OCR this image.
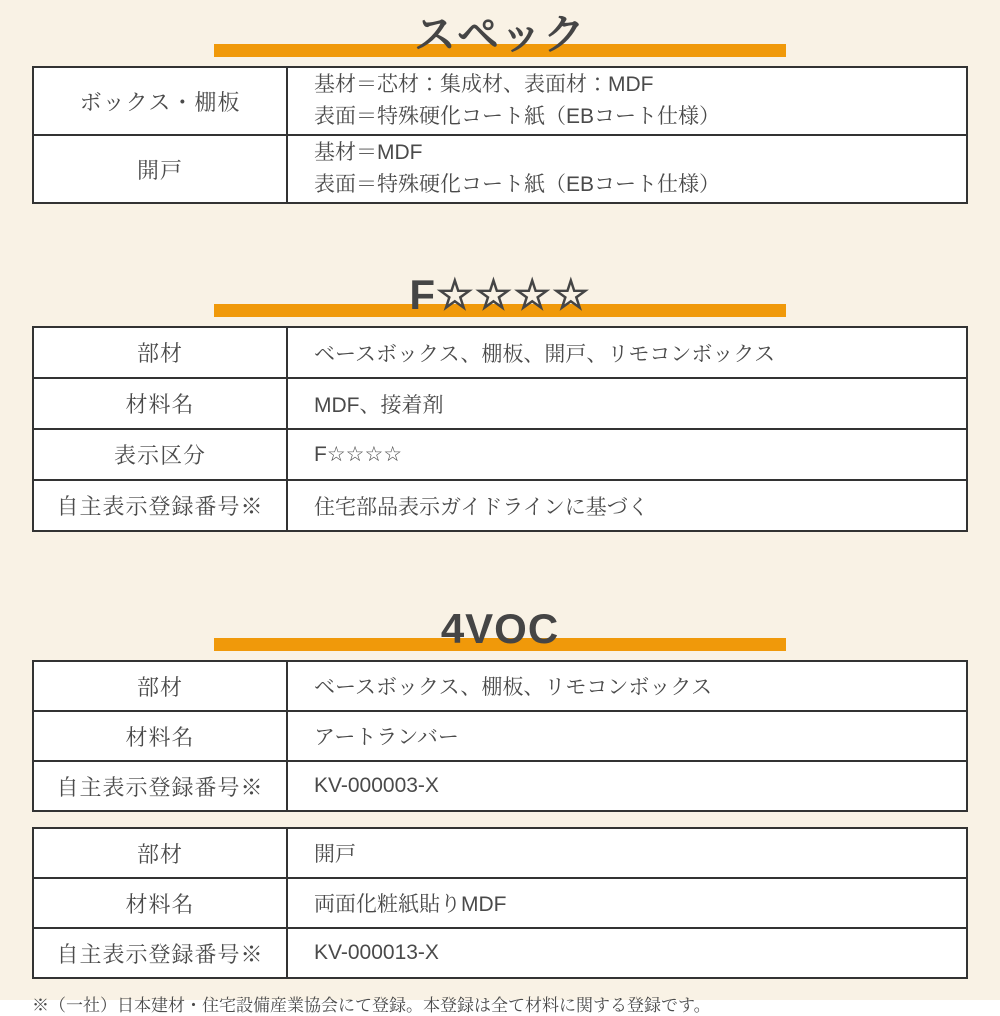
スペック
ボックス・棚板	基材＝芯材：集成材、表面材：MDF
表面＝特殊硬化コート紙（EBコート仕様）

開戸	基材＝MDF
表面＝特殊硬化コート紙（EBコート仕様）
F☆☆☆☆
部材	ベースボックス、棚板、開戸、リモコンボックス

材料名	MDF、接着剤

表示区分	F☆☆☆☆

自主表示登録番号※	住宅部品表示ガイドラインに基づく
4VOC
部材	ベースボックス、棚板、リモコンボックス

材料名	アートランバー

自主表示登録番号※	KV-000003-X
部材	開戸

材料名	両面化粧紙貼りMDF

自主表示登録番号※	KV-000013-X

※（一社）日本建材・住宅設備産業協会にて登録。本登録は全て材料に関する登録です。
